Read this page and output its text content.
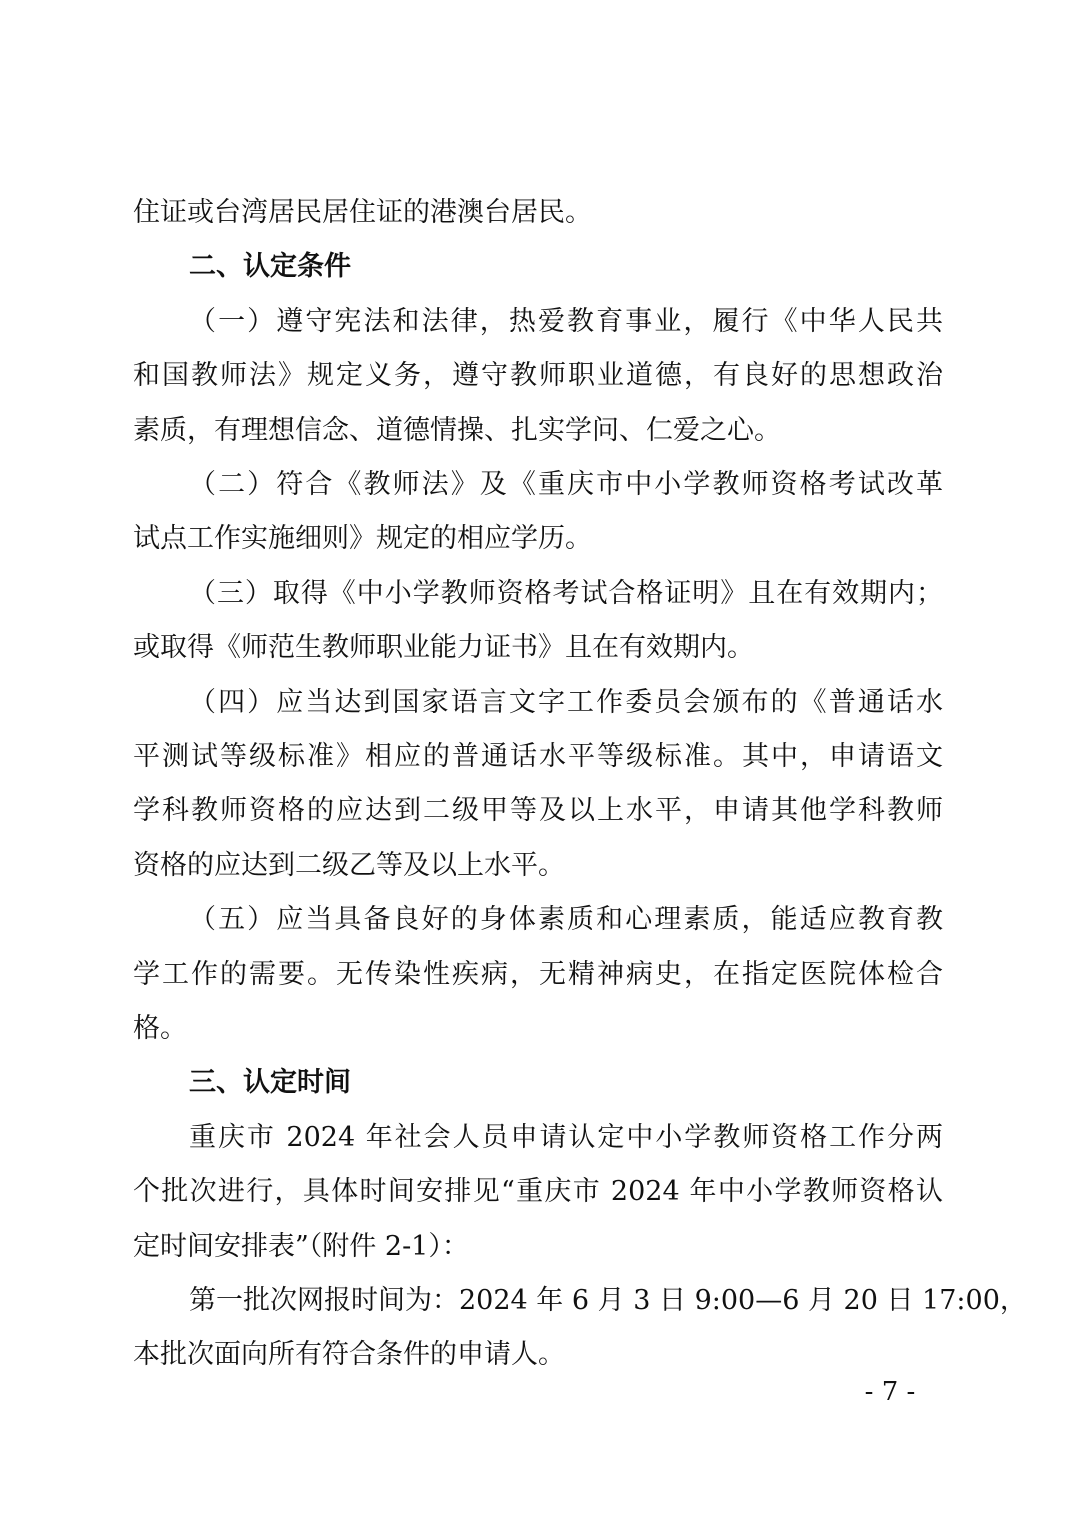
住证或台湾居民居住证的港澳台居民。
二、认定条件
（一）遵守宪法和法律，热爱教育事业，履行《中华人民共
和国教师法》规定义务，遵守教师职业道德，有良好的思想政治
素质，有理想信念、道德情操、扎实学问、仁爱之心。
（二）符合《教师法》及《重庆市中小学教师资格考试改革
试点工作实施细则》规定的相应学历。
（三）取得《中小学教师资格考试合格证明》且在有效期内；
或取得《师范生教师职业能力证书》且在有效期内。
（四）应当达到国家语言文字工作委员会颁布的《普通话水
平测试等级标准》相应的普通话水平等级标准。其中，申请语文
学科教师资格的应达到二级甲等及以上水平，申请其他学科教师
资格的应达到二级乙等及以上水平。
（五）应当具备良好的身体素质和心理素质，能适应教育教
学工作的需要。无传染性疾病，无精神病史，在指定医院体检合
格。
三、认定时间
重庆市 2024 年社会人员申请认定中小学教师资格工作分两
个批次进行，具体时间安排见“重庆市 2024 年中小学教师资格认
定时间安排表”（附件 2-1）：
第一批次网报时间为：2024 年 6 月 3 日 9:00—6 月 20 日 17:00，
本批次面向所有符合条件的申请人。
- 7 -
